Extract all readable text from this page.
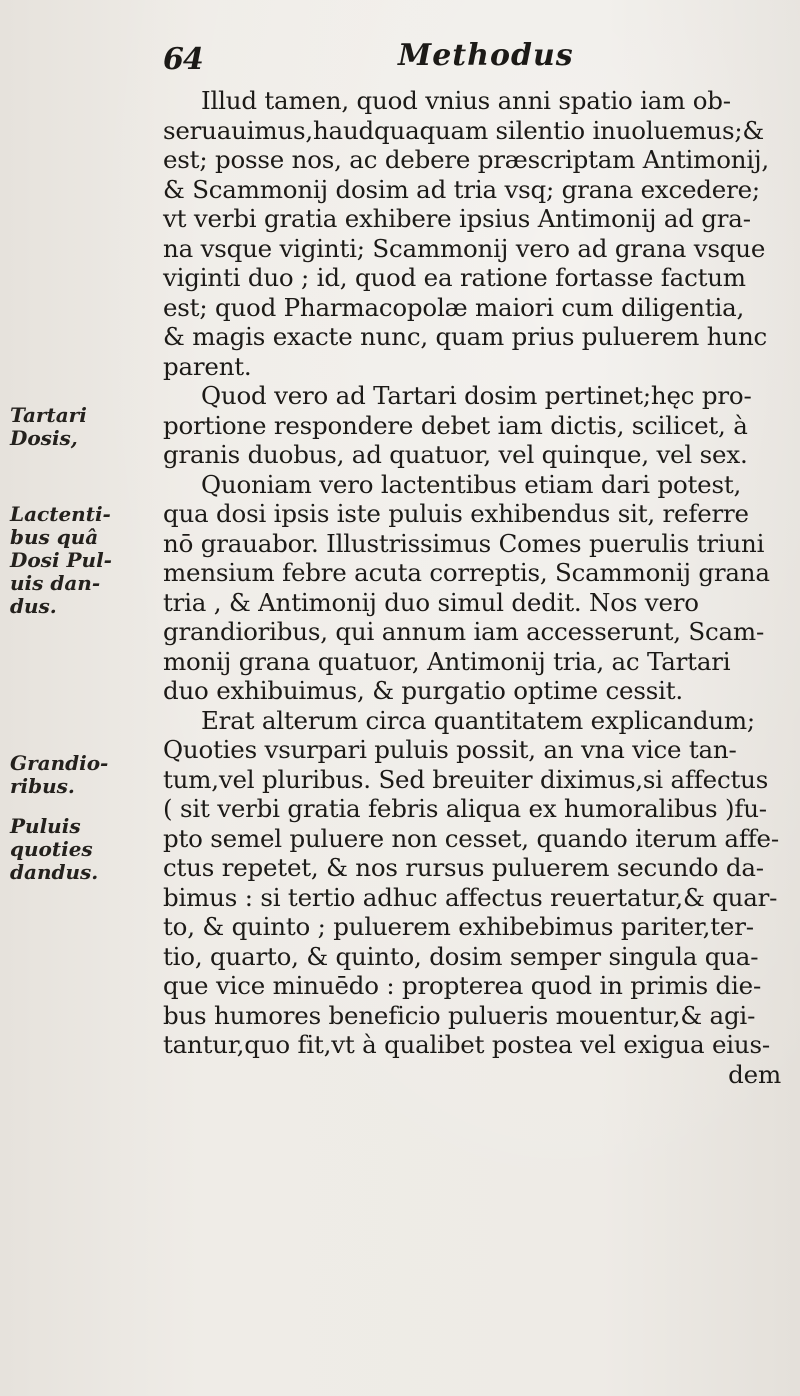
64	Methodus
Tartari
Dosis,
Lactenti-
bus quâ
Dosi Pul-
uis dan-
dus.
Grandio-
ribus.
Puluis
quoties
dandus.
Illud tamen, quod vnius anni spatio iam ob-
seruauimus,haudquaquam silentio inuoluemus;&
est; posse nos, ac debere præscriptam Antimonij,
& Scammonij dosim ad tria vsq; grana excedere;
vt verbi gratia exhibere ipsius Antimonij ad gra-
na vsque viginti; Scammonij vero ad grana vsque
viginti duo ; id, quod ea ratione fortasse factum
est; quod Pharmacopolæ maiori cum diligentia,
& magis exacte nunc, quam prius puluerem hunc
parent.
Quod vero ad Tartari dosim pertinet;hęc pro-
portione respondere debet iam dictis, scilicet, à
granis duobus, ad quatuor, vel quinque, vel sex.
Quoniam vero lactentibus etiam dari potest,
qua dosi ipsis iste puluis exhibendus sit, referre
nō grauabor. Illustrissimus Comes puerulis triuni
mensium febre acuta correptis, Scammonij grana
tria , & Antimonij duo simul dedit. Nos vero
grandioribus, qui annum iam accesserunt, Scam-
monij grana quatuor, Antimonij tria, ac Tartari
duo exhibuimus, & purgatio optime cessit.
Erat alterum circa quantitatem explicandum;
Quoties vsurpari puluis possit, an vna vice tan-
tum,vel pluribus. Sed breuiter diximus,si affectus
( sit verbi gratia febris aliqua ex humoralibus )fu-
pto semel puluere non cesset, quando iterum affe-
ctus repetet, & nos rursus puluerem secundo da-
bimus : si tertio adhuc affectus reuertatur,& quar-
to, & quinto ; puluerem exhibebimus pariter,ter-
tio, quarto, & quinto, dosim semper singula qua-
que vice minuēdo : propterea quod in primis die-
bus humores beneficio pulueris mouentur,& agi-
tantur,quo fit,vt à qualibet postea vel exigua eius-
dem
